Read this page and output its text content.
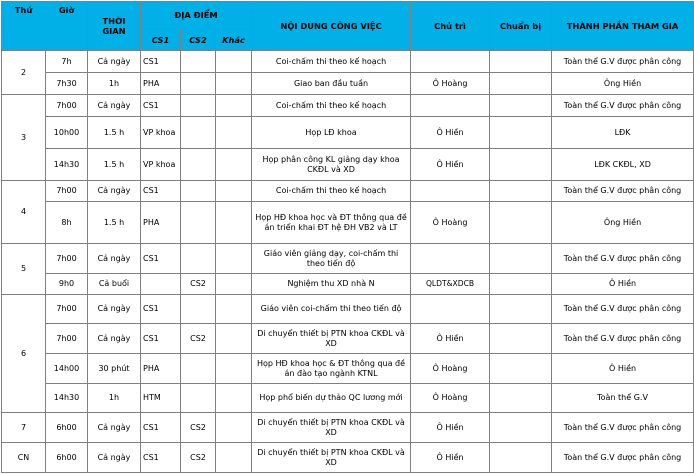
Thứ	Giờ	THỜI GIAN	ĐỊA ĐIỂM			NỘI DUNG CÔNG VIỆC	Chủ trì	Chuẩn bị	THÀNH PHẦN THAM GIA
			CS1	CS2	Khác				
2	7h	Cả ngày	CS1			Coi-chấm thi theo kế hoạch			Toàn thể G.V được phân công
	7h30	1h	PHA			Giao ban đầu tuần	Ô Hoàng		Ông Hiền
3	7h00	Cả ngày	CS1			Coi-chấm thi theo kế hoạch			Toàn thể G.V được phân công
	10h00	1.5 h	VP khoa			Họp LĐ khoa	Ô Hiền		LĐK
	14h30	1.5 h	VP khoa			Họp phân công KL giảng dạy khoa CKĐL và XD	Ô Hiền		LĐK CKĐL, XD
4	7h00	Cả ngày	CS1			Coi-chấm thi theo kế hoạch			Toàn thể G.V được phân công
	8h	1.5 h	PHA			Họp HĐ khoa học và ĐT thông qua đề án triển khai ĐT hệ ĐH VB2 và LT	Ô Hoàng		Ông Hiền
5	7h00	Cả ngày	CS1			Giáo viên giảng dạy, coi-chấm thi theo tiến độ			Toàn thể G.V được phân công
	9h0	Cả buổi		CS2		Nghiệm thu XD nhà N	QLDT&XDCB		Ô Hiền
6	7h00	Cả ngày	CS1			Giáo viên coi-chấm thi theo tiến độ			Toàn thể G.V được phân công
	7h00	Cả ngày	CS1	CS2		Di chuyển thiết bị PTN khoa CKĐL và XD	Ô Hiền		Toàn thể G.V được phân công
	14h00	30 phút	PHA			Họp HĐ khoa học & ĐT thông qua đề án đào tạo ngành KTNL	Ô Hoàng		Ô Hiền
	14h30	1h	HTM			Họp phổ biến dự thảo QC lương mới	Ô Hoàng		Toàn thể G.V
7	6h00	Cả ngày	CS1	CS2		Di chuyển thiết bị PTN khoa CKĐL và XD	Ô Hiền		Toàn thể G.V được phân công
CN	6h00	Cả ngày	CS1	CS2		Di chuyển thiết bị PTN khoa CKĐL và XD	Ô Hiền		Toàn thể G.V được phân công
